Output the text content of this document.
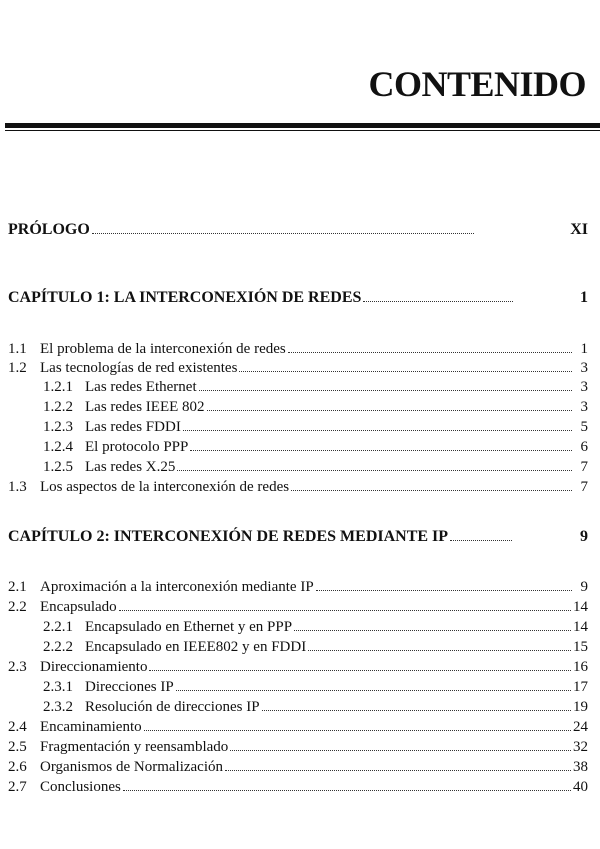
CONTENIDO
PRÓLOGO	XI
CAPÍTULO 1: LA INTERCONEXIÓN DE REDES	1
1.1 El problema de la interconexión de redes	1
1.2 Las tecnologías de red existentes	3
1.2.1 Las redes Ethernet	3
1.2.2 Las redes IEEE 802	3
1.2.3 Las redes FDDI	5
1.2.4 El protocolo PPP	6
1.2.5 Las redes X.25	7
1.3 Los aspectos de la interconexión de redes	7
CAPÍTULO 2: INTERCONEXIÓN DE REDES MEDIANTE IP	9
2.1 Aproximación a la interconexión mediante IP	9
2.2 Encapsulado	14
2.2.1 Encapsulado en Ethernet y en PPP	14
2.2.2 Encapsulado en IEEE802 y en FDDI	15
2.3 Direccionamiento	16
2.3.1 Direcciones IP	17
2.3.2 Resolución de direcciones IP	19
2.4 Encaminamiento	24
2.5 Fragmentación y reensamblado	32
2.6 Organismos de Normalización	38
2.7 Conclusiones	40
